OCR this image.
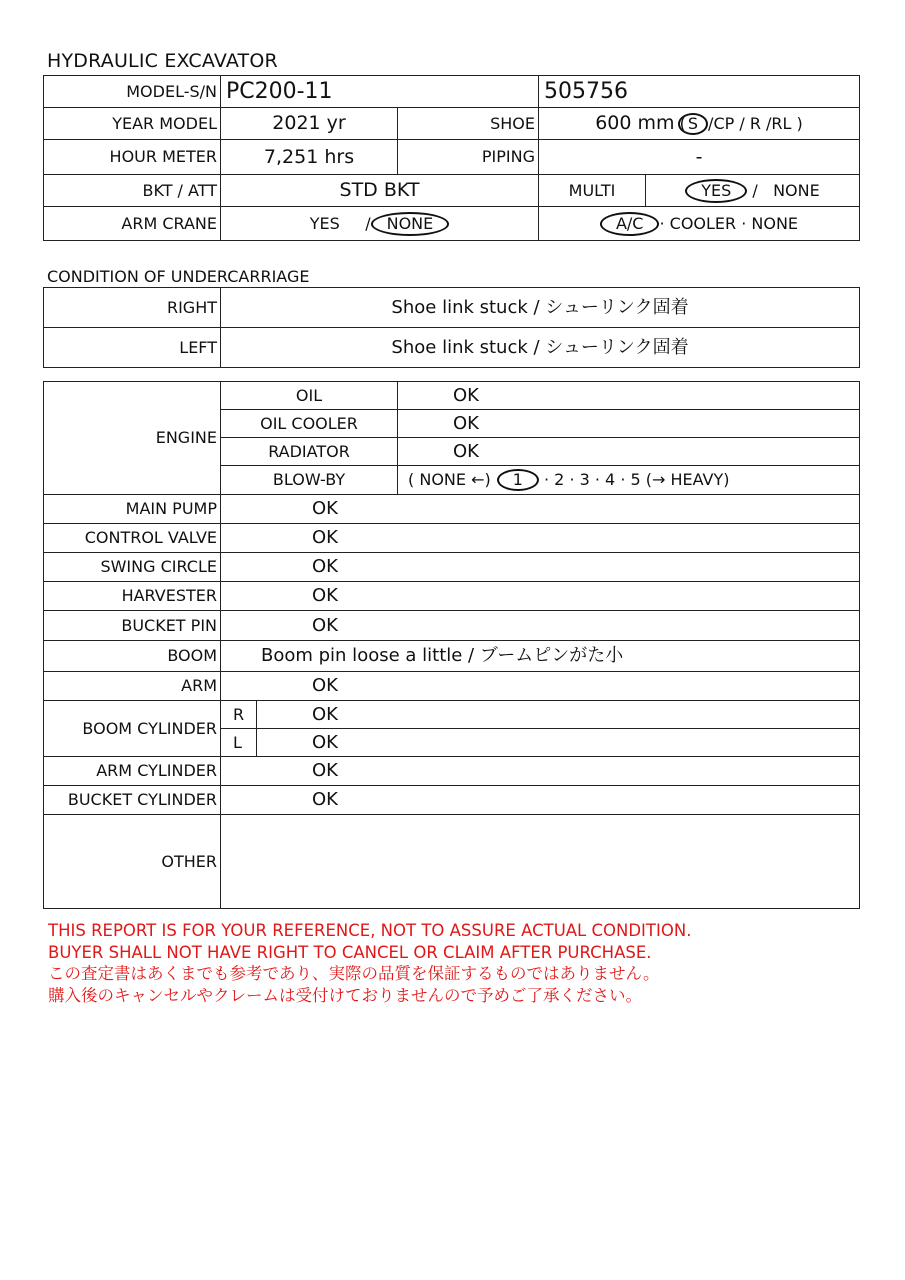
HYDRAULIC EXCAVATOR
MODEL-S/N	PC200-11		505756	
YEAR MODEL	2021 yr	SHOE	600 mm ( S /CP / R /RL )	
HOUR METER	7,251 hrs	PIPING	-	
BKT / ATT	STD BKT		MULTI	YES / NONE
ARM CRANE	YES / NONE		A/C · COOLER · NONE	
CONDITION OF UNDERCARRIAGE
RIGHT	Shoe link stuck / シューリンク固着
LEFT	Shoe link stuck / シューリンク固着
ENGINE	OIL		OK
	OIL COOLER		OK
	RADIATOR		OK
	BLOW-BY		( NONE ←) 1 · 2 · 3 · 4 · 5 (→ HEAVY)
MAIN PUMP	OK		
CONTROL VALVE	OK		
SWING CIRCLE	OK		
HARVESTER	OK		
BUCKET PIN	OK		
BOOM	Boom pin loose a little / ブームピンがた小		
ARM	OK		
BOOM CYLINDER	R	OK	
	L	OK	
ARM CYLINDER	OK		
BUCKET CYLINDER	OK		
OTHER			
THIS REPORT IS FOR YOUR REFERENCE, NOT TO ASSURE ACTUAL CONDITION.
BUYER SHALL NOT HAVE RIGHT TO CANCEL OR CLAIM AFTER PURCHASE.
この査定書はあくまでも参考であり、実際の品質を保証するものではありません。
購入後のキャンセルやクレームは受付けておりませんので予めご了承ください。
